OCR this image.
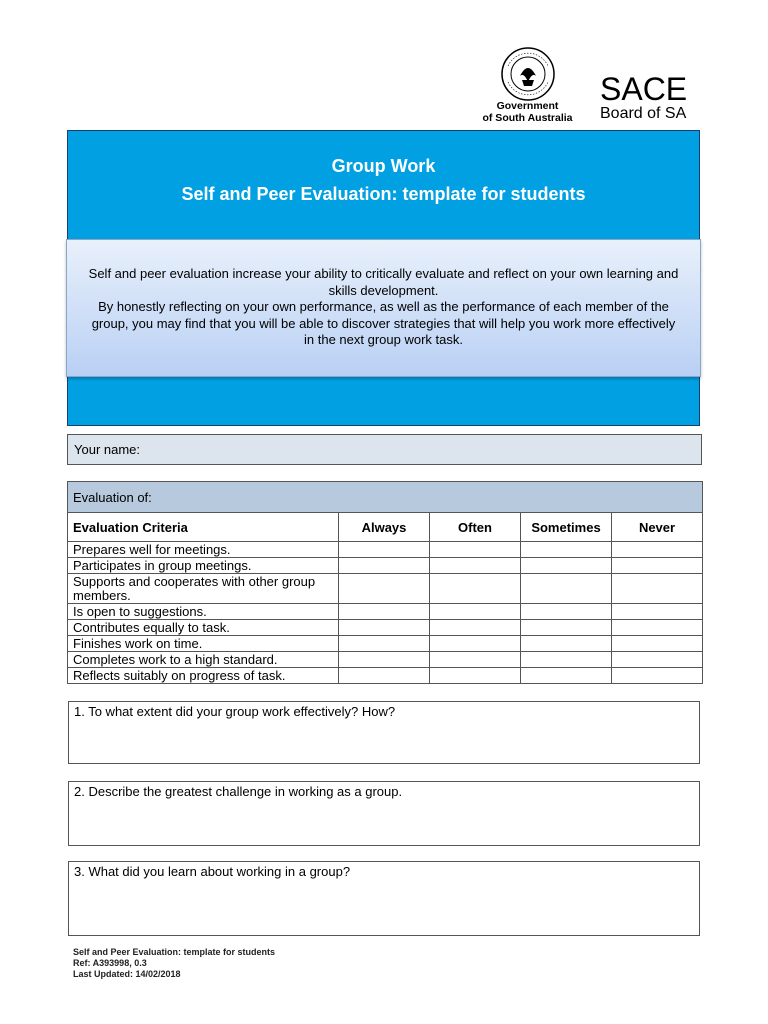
Government
of South Australia
SACE
Board of SA
Group Work
Self and Peer Evaluation: template for students
Self and peer evaluation increase your ability to critically evaluate and reflect on your own learning and skills development.
By honestly reflecting on your own performance, as well as the performance of each member of the group, you may find that you will be able to discover strategies that will help you work more effectively in the next group work task.
Your name:
Evaluation of:				
Evaluation Criteria	Always	Often	Sometimes	Never
Prepares well for meetings.				
Participates in group meetings.				
Supports and cooperates with other group members.				
Is open to suggestions.				
Contributes equally to task.				
Finishes work on time.				
Completes work to a high standard.				
Reflects suitably on progress of task.				
1. To what extent did your group work effectively? How?
2. Describe the greatest challenge in working as a group.
3. What did you learn about working in a group?
Self and Peer Evaluation: template for students
Ref: A393998, 0.3
Last Updated: 14/02/2018
